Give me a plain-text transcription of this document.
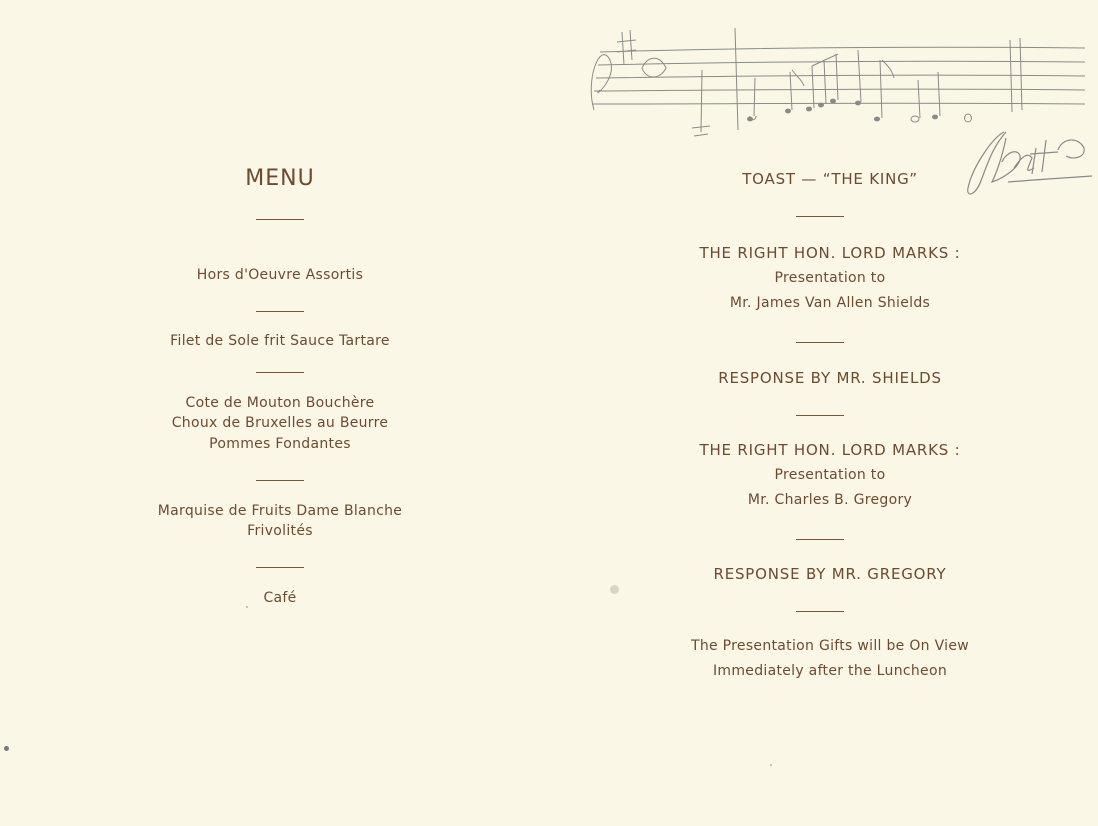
MENU
Hors d'Oeuvre Assortis
Filet de Sole frit Sauce Tartare
Cote de Mouton Bouchère
Choux de Bruxelles au Beurre
Pommes Fondantes
Marquise de Fruits Dame Blanche
Frivolités
Café
TOAST — “THE KING”
THE RIGHT HON. LORD MARKS :
Presentation to
Mr. James Van Allen Shields
RESPONSE BY MR. SHIELDS
THE RIGHT HON. LORD MARKS :
Presentation to
Mr. Charles B. Gregory
RESPONSE BY MR. GREGORY
The Presentation Gifts will be On View
Immediately after the Luncheon
